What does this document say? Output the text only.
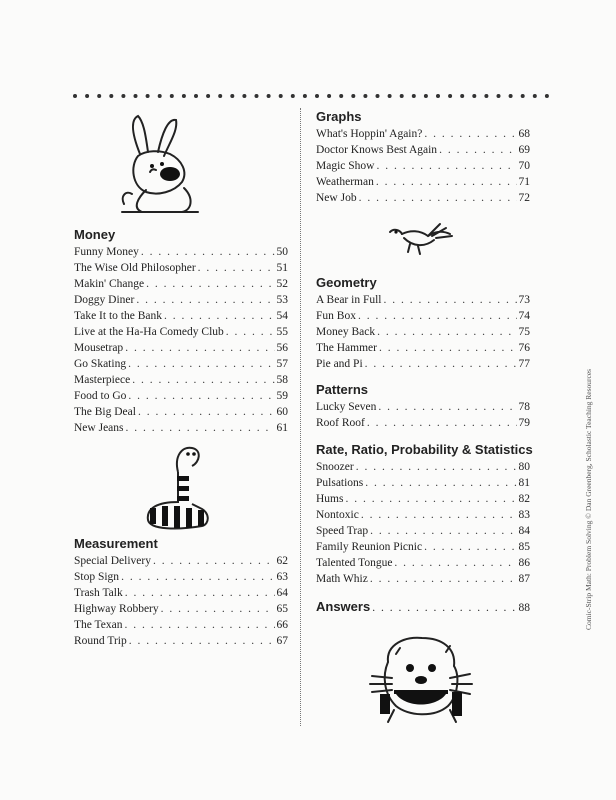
Money
Funny Money . . .	50
The Wise Old Philosopher . . .	51
Makin' Change . . .	52
Doggy Diner . . .	53
Take It to the Bank . . .	54
Live at the Ha-Ha Comedy Club . . .	55
Mousetrap . . .	56
Go Skating . . .	57
Masterpiece . . .	58
Food to Go . . .	59
The Big Deal . . .	60
New Jeans . . .	61
Measurement
Special Delivery . . .	62
Stop Sign . . .	63
Trash Talk . . .	64
Highway Robbery . . .	65
The Texan . . .	66
Round Trip . . .	67
Graphs
What's Hoppin' Again? . . .	68
Doctor Knows Best Again . . .	69
Magic Show . . .	70
Weatherman . . .	71
New Job . . .	72
Geometry
A Bear in Full . . .	73
Fun Box . . .	74
Money Back . . .	75
The Hammer . . .	76
Pie and Pi . . .	77
Patterns
Lucky Seven . . .	78
Roof Roof . . .	79
Rate, Ratio, Probability & Statistics
Snoozer . . .	80
Pulsations . . .	81
Hums . . .	82
Nontoxic . . .	83
Speed Trap . . .	84
Family Reunion Picnic . . .	85
Talented Tongue . . .	86
Math Whiz . . .	87
Answers . . .	88	Comic-Strip Math: Problem Solving © Dan Greenberg, Scholastic Teaching Resources
